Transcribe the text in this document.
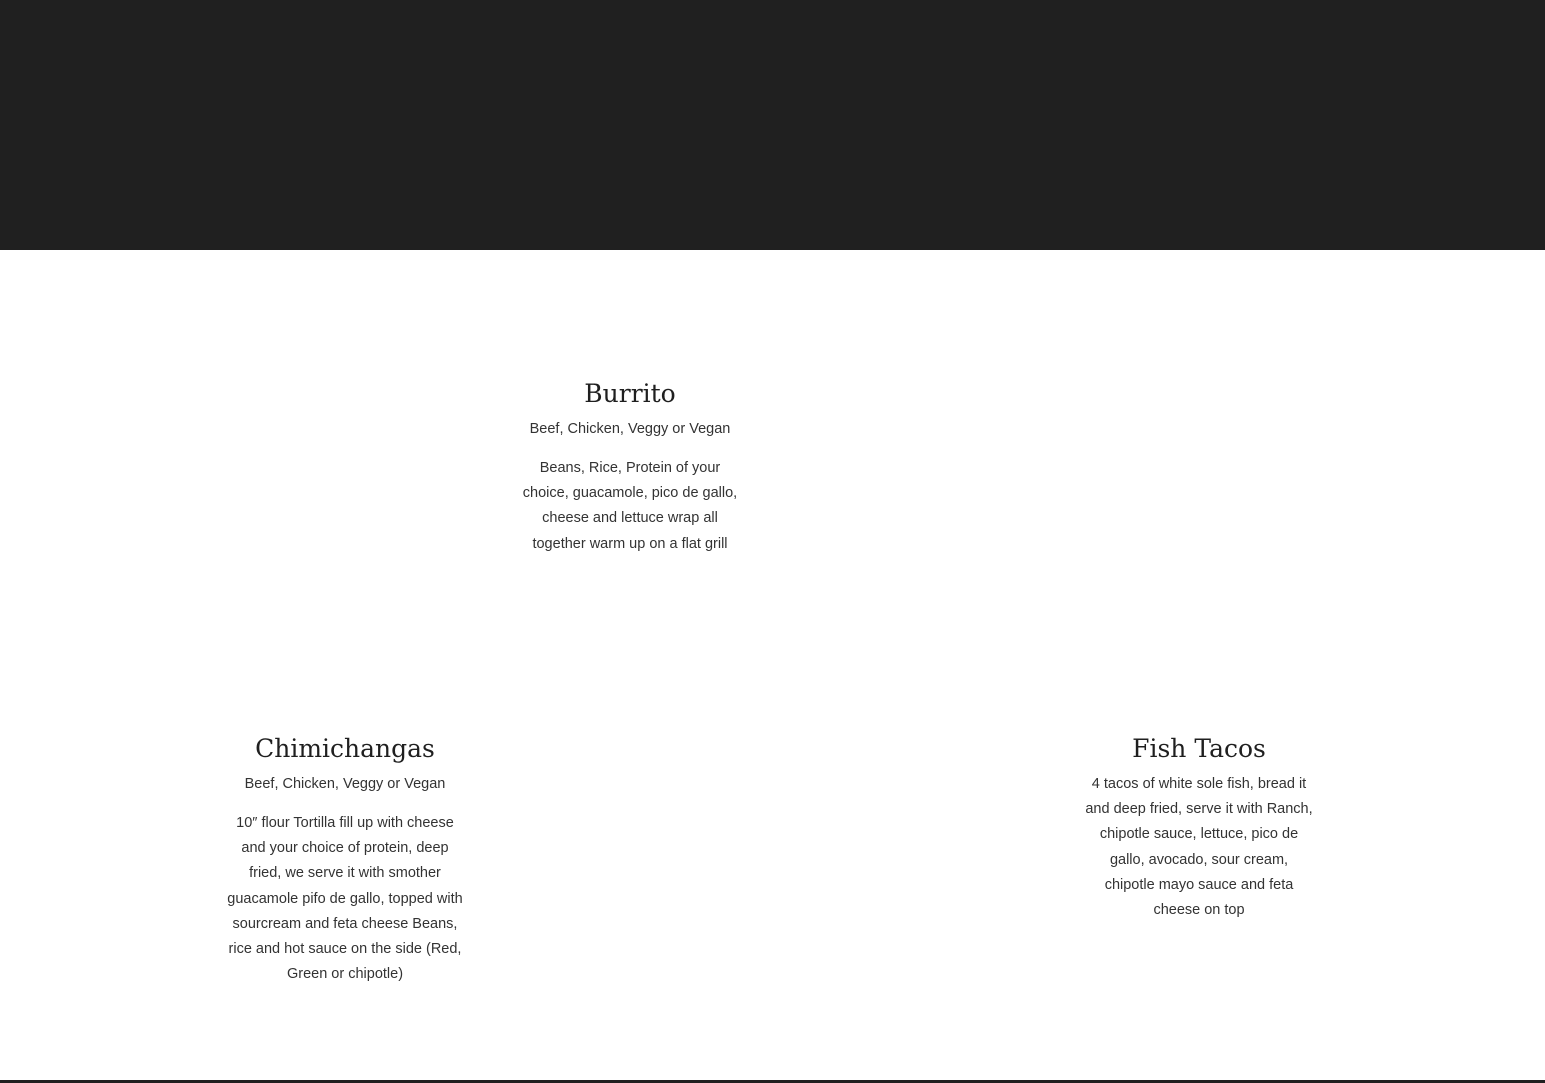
Burrito

Beef, Chicken, Veggy or Vegan

Beans, Rice, Protein of your choice, guacamole, pico de gallo, cheese and lettuce wrap all together warm up on a flat grill

Chimichangas

Beef, Chicken, Veggy or Vegan

10″ flour Tortilla fill up with cheese and your choice of protein, deep fried, we serve it with smother guacamole pifo de gallo, topped with sourcream and feta cheese Beans, rice and hot sauce on the side (Red, Green or chipotle)

Fish Tacos

4 tacos of white sole fish, bread it and deep fried, serve it with Ranch, chipotle sauce, lettuce, pico de gallo, avocado, sour cream, chipotle mayo sauce and feta cheese on top
